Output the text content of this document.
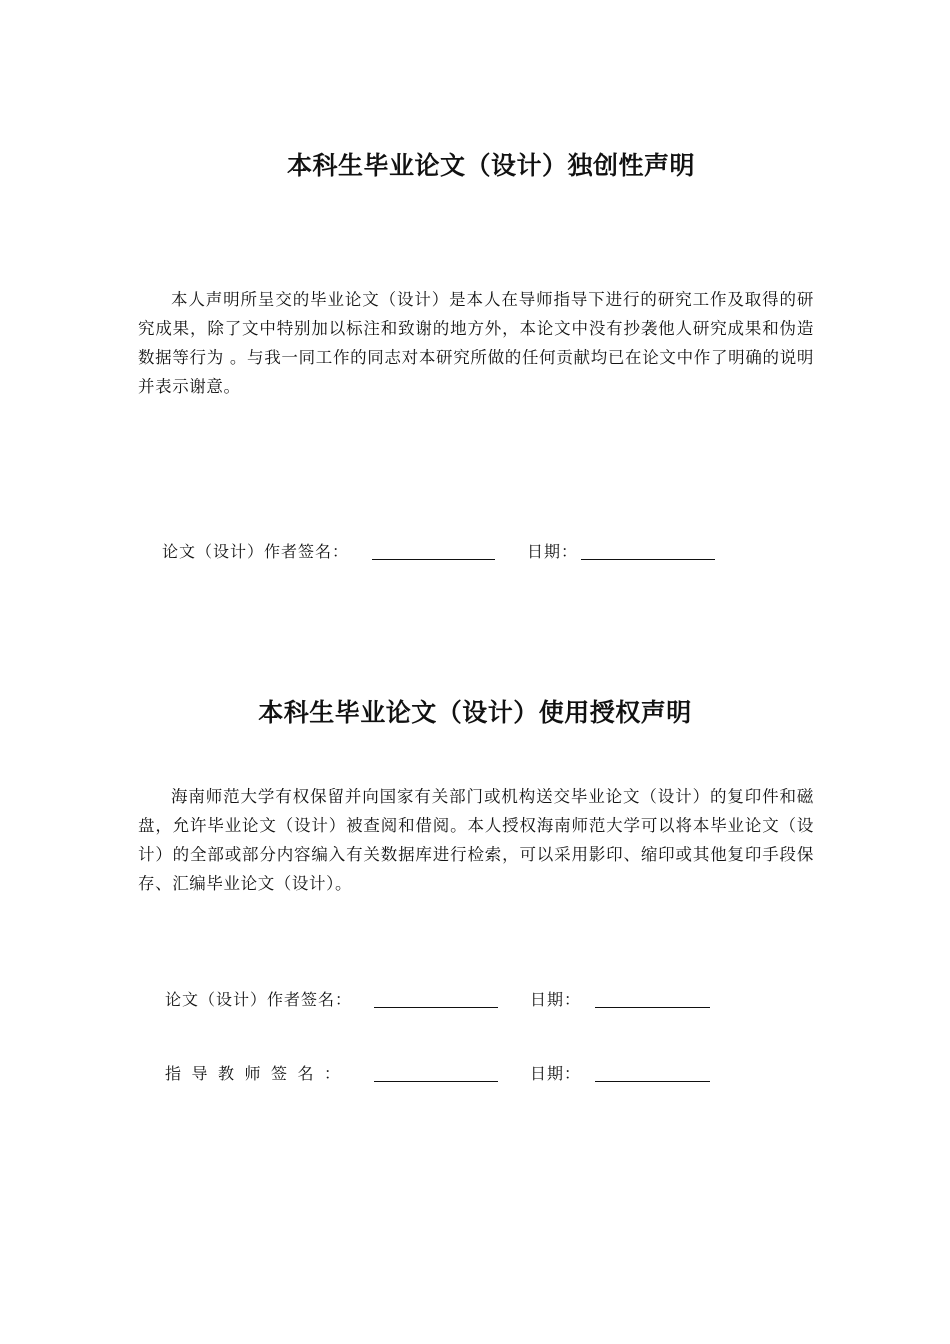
本科生毕业论文（设计）独创性声明

本人声明所呈交的毕业论文（设计）是本人在导师指导下进行的研究工作及取得的研究成果，除了文中特别加以标注和致谢的地方外，本论文中没有抄袭他人研究成果和伪造数据等行为 。与我一同工作的同志对本研究所做的任何贡献均已在论文中作了明确的说明并表示谢意。

论文（设计）作者签名：	日期：
本科生毕业论文（设计）使用授权声明

海南师范大学有权保留并向国家有关部门或机构送交毕业论文（设计）的复印件和磁盘，允许毕业论文（设计）被查阅和借阅。本人授权海南师范大学可以将本毕业论文（设计）的全部或部分内容编入有关数据库进行检索，可以采用影印、缩印或其他复印手段保存、汇编毕业论文（设计）。

论文（设计）作者签名：	日期：
指导教师签名：	日期：
